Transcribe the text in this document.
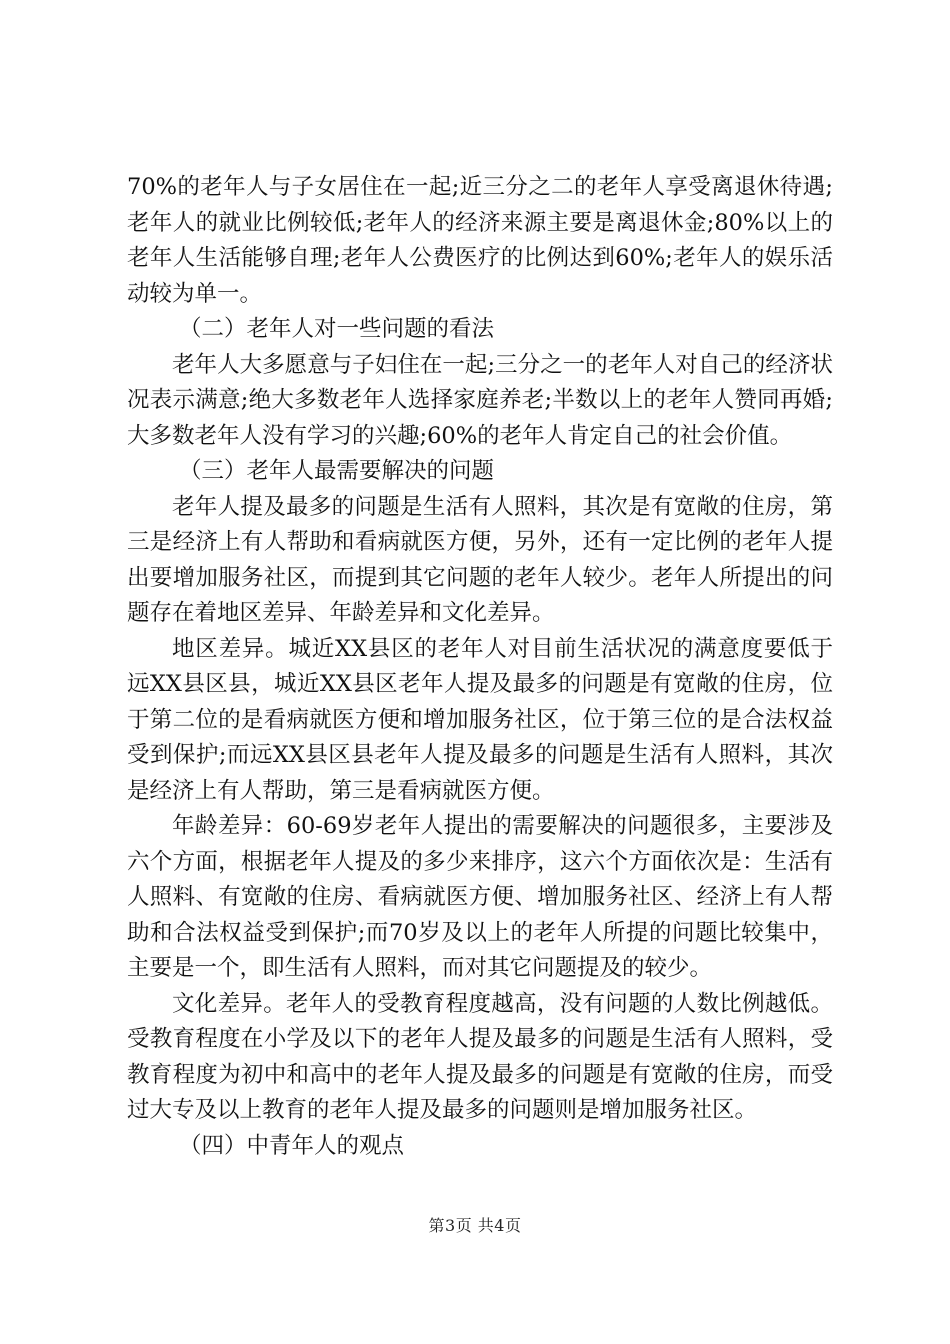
70%的老年人与子女居住在一起;近三分之二的老年人享受离退休待遇;老年人的就业比例较低;老年人的经济来源主要是离退休金;80%以上的老年人生活能够自理;老年人公费医疗的比例达到60%;老年人的娱乐活动较为单一。

（二）老年人对一些问题的看法

老年人大多愿意与子妇住在一起;三分之一的老年人对自己的经济状况表示满意;绝大多数老年人选择家庭养老;半数以上的老年人赞同再婚;大多数老年人没有学习的兴趣;60%的老年人肯定自己的社会价值。

（三）老年人最需要解决的问题

老年人提及最多的问题是生活有人照料，其次是有宽敞的住房，第三是经济上有人帮助和看病就医方便，另外，还有一定比例的老年人提出要增加服务社区，而提到其它问题的老年人较少。老年人所提出的问题存在着地区差异、年龄差异和文化差异。

地区差异。城近XX县区的老年人对目前生活状况的满意度要低于远XX县区县，城近XX县区老年人提及最多的问题是有宽敞的住房，位于第二位的是看病就医方便和增加服务社区，位于第三位的是合法权益受到保护;而远XX县区县老年人提及最多的问题是生活有人照料，其次是经济上有人帮助，第三是看病就医方便。

年龄差异：60-69岁老年人提出的需要解决的问题很多，主要涉及六个方面，根据老年人提及的多少来排序，这六个方面依次是：生活有人照料、有宽敞的住房、看病就医方便、增加服务社区、经济上有人帮助和合法权益受到保护;而70岁及以上的老年人所提的问题比较集中，主要是一个，即生活有人照料，而对其它问题提及的较少。

文化差异。老年人的受教育程度越高，没有问题的人数比例越低。受教育程度在小学及以下的老年人提及最多的问题是生活有人照料，受教育程度为初中和高中的老年人提及最多的问题是有宽敞的住房，而受过大专及以上教育的老年人提及最多的问题则是增加服务社区。

（四）中青年人的观点

第3页 共4页
